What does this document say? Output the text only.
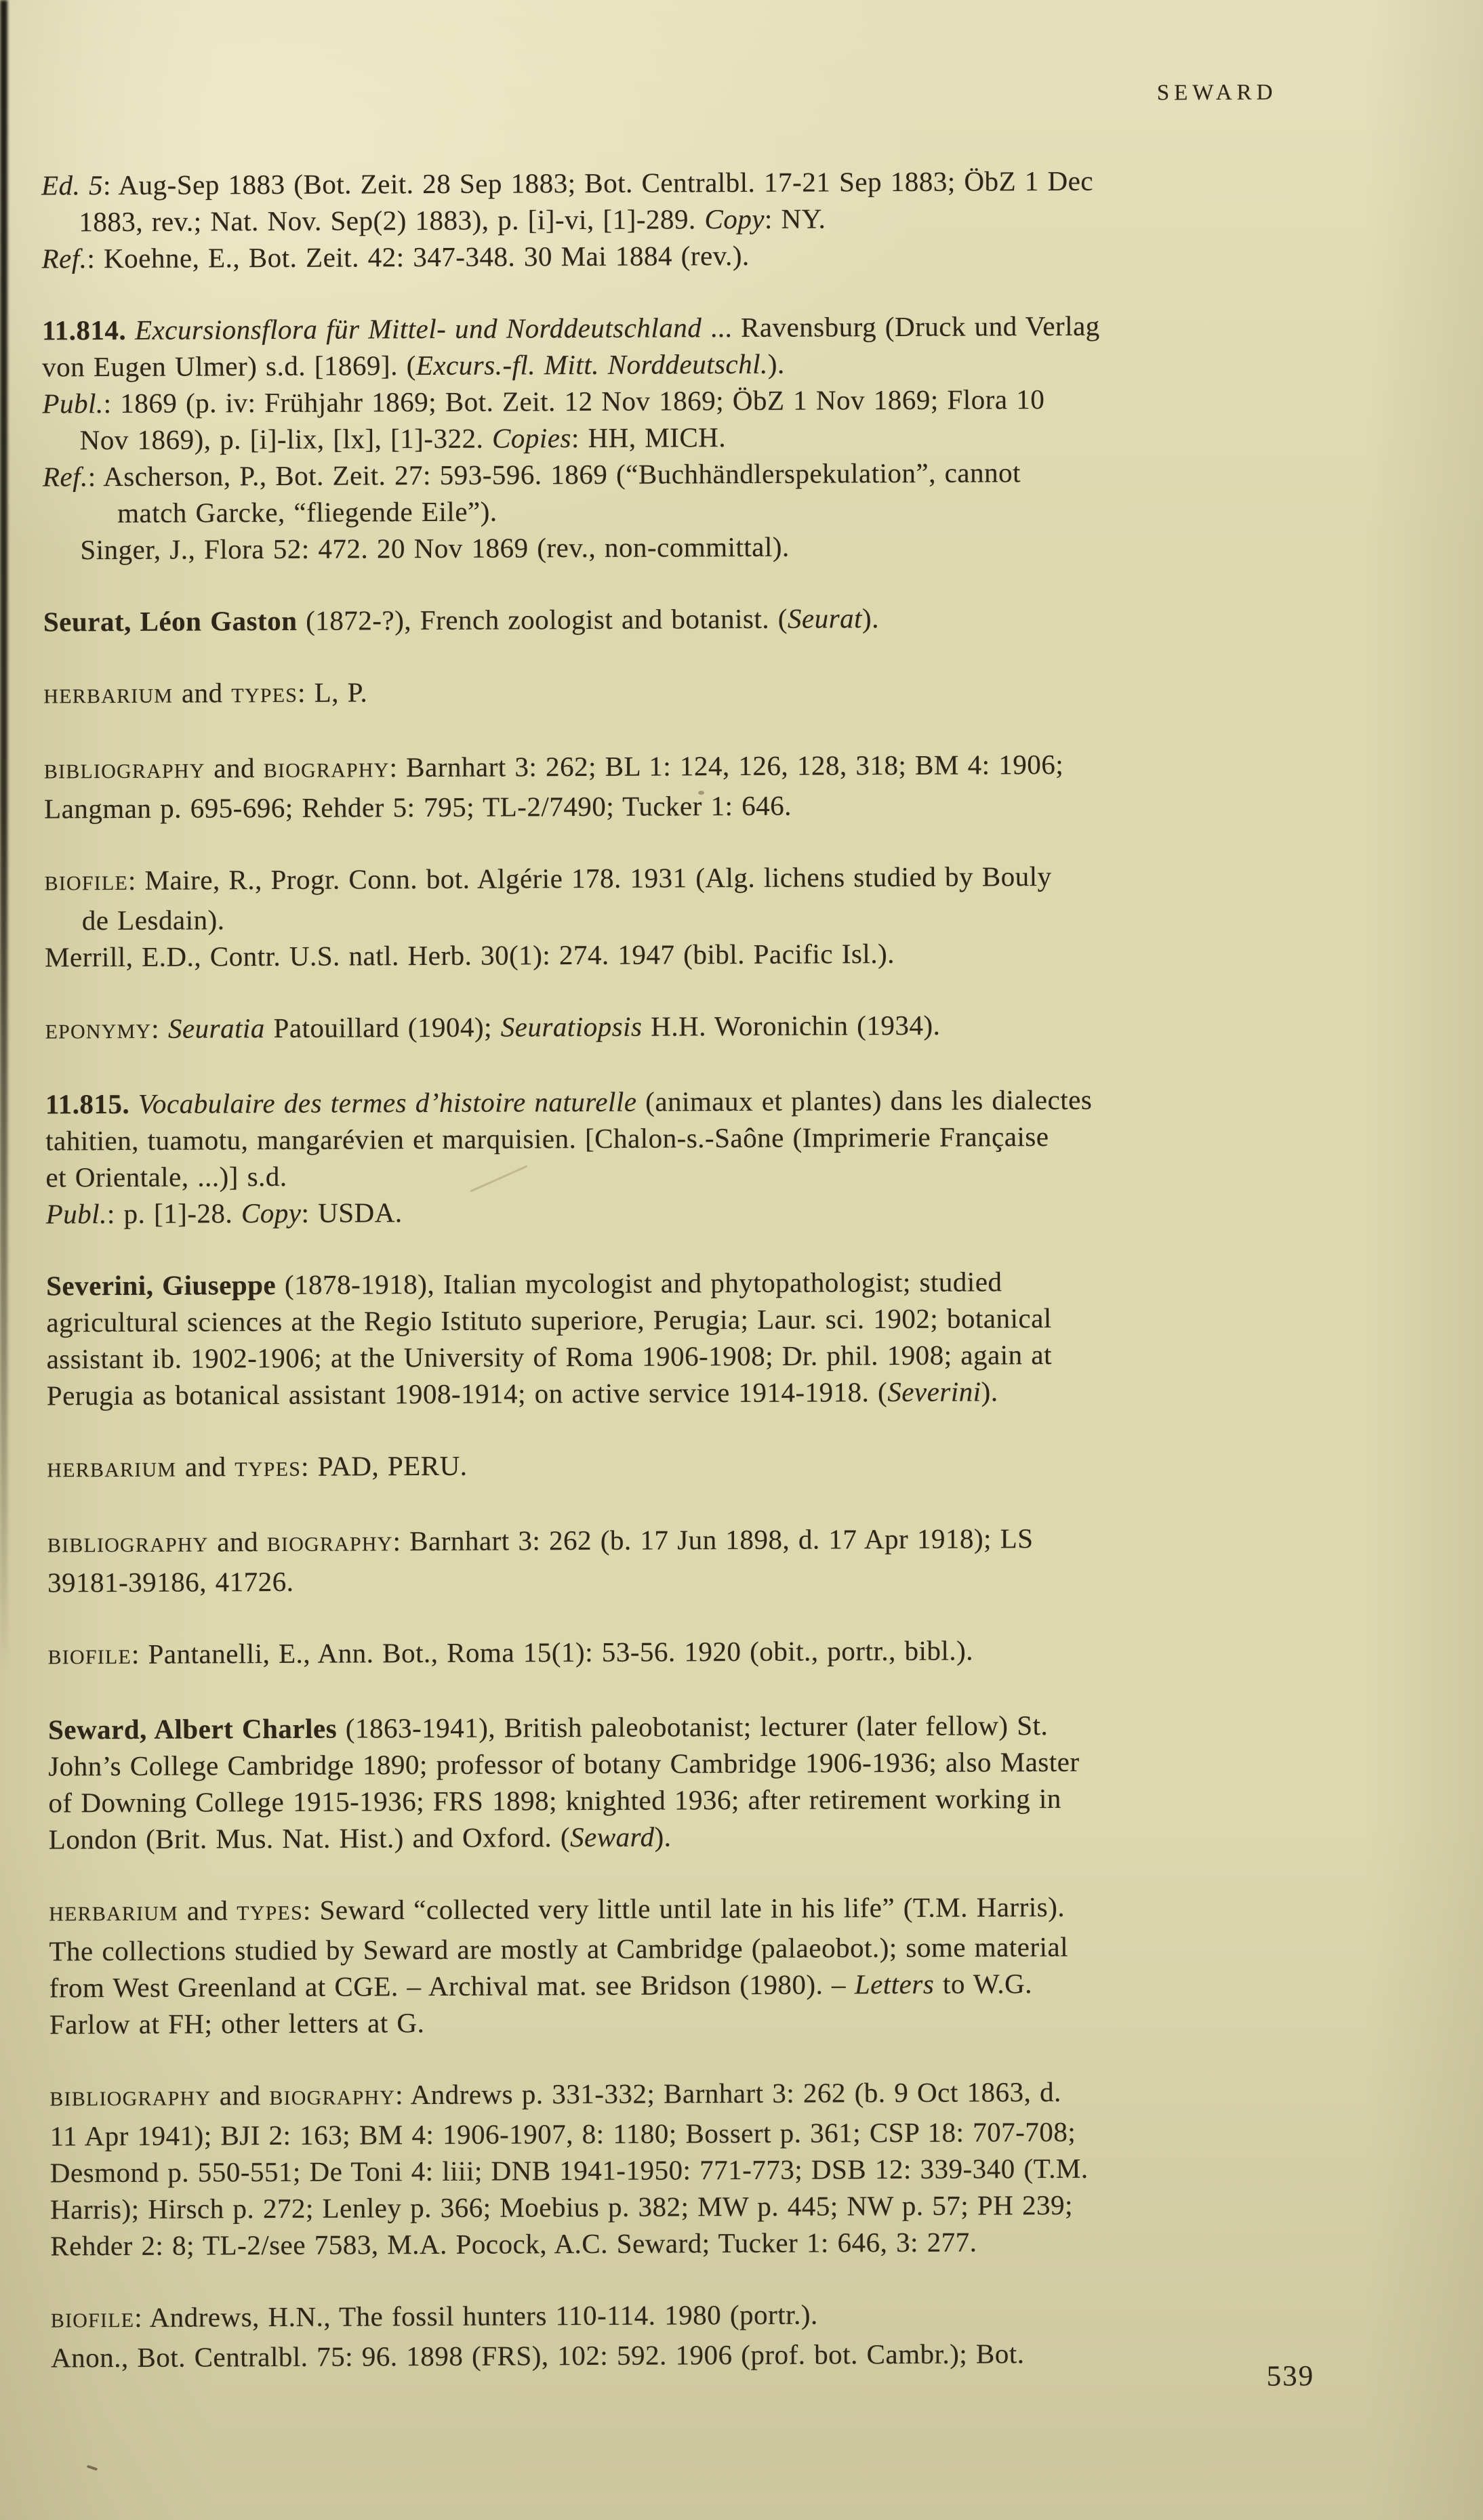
SEWARD
Ed. 5: Aug-Sep 1883 (Bot. Zeit. 28 Sep 1883; Bot. Centralbl. 17-21 Sep 1883; ÖbZ 1 Dec
1883, rev.; Nat. Nov. Sep(2) 1883), p. [i]-vi, [1]-289. Copy: NY.
Ref.: Koehne, E., Bot. Zeit. 42: 347-348. 30 Mai 1884 (rev.).
11.814. Excursionsflora für Mittel- und Norddeutschland ... Ravensburg (Druck und Verlag
von Eugen Ulmer) s.d. [1869]. (Excurs.-fl. Mitt. Norddeutschl.).
Publ.: 1869 (p. iv: Frühjahr 1869; Bot. Zeit. 12 Nov 1869; ÖbZ 1 Nov 1869; Flora 10
Nov 1869), p. [i]-lix, [lx], [1]-322. Copies: HH, MICH.
Ref.: Ascherson, P., Bot. Zeit. 27: 593-596. 1869 (“Buchhändlerspekulation”, cannot
match Garcke, “fliegende Eile”).
Singer, J., Flora 52: 472. 20 Nov 1869 (rev., non-committal).
Seurat, Léon Gaston (1872-?), French zoologist and botanist. (Seurat).
HERBARIUM and TYPES: L, P.
BIBLIOGRAPHY and BIOGRAPHY: Barnhart 3: 262; BL 1: 124, 126, 128, 318; BM 4: 1906;
Langman p. 695-696; Rehder 5: 795; TL-2/7490; Tucker 1: 646.
BIOFILE: Maire, R., Progr. Conn. bot. Algérie 178. 1931 (Alg. lichens studied by Bouly
de Lesdain).
Merrill, E.D., Contr. U.S. natl. Herb. 30(1): 274. 1947 (bibl. Pacific Isl.).
EPONYMY: Seuratia Patouillard (1904); Seuratiopsis H.H. Woronichin (1934).
11.815. Vocabulaire des termes d’histoire naturelle (animaux et plantes) dans les dialectes
tahitien, tuamotu, mangarévien et marquisien. [Chalon-s.-Saône (Imprimerie Française
et Orientale, ...)] s.d.
Publ.: p. [1]-28. Copy: USDA.
Severini, Giuseppe (1878-1918), Italian mycologist and phytopathologist; studied
agricultural sciences at the Regio Istituto superiore, Perugia; Laur. sci. 1902; botanical
assistant ib. 1902-1906; at the University of Roma 1906-1908; Dr. phil. 1908; again at
Perugia as botanical assistant 1908-1914; on active service 1914-1918. (Severini).
HERBARIUM and TYPES: PAD, PERU.
BIBLIOGRAPHY and BIOGRAPHY: Barnhart 3: 262 (b. 17 Jun 1898, d. 17 Apr 1918); LS
39181-39186, 41726.
BIOFILE: Pantanelli, E., Ann. Bot., Roma 15(1): 53-56. 1920 (obit., portr., bibl.).
Seward, Albert Charles (1863-1941), British paleobotanist; lecturer (later fellow) St.
John’s College Cambridge 1890; professor of botany Cambridge 1906-1936; also Master
of Downing College 1915-1936; FRS 1898; knighted 1936; after retirement working in
London (Brit. Mus. Nat. Hist.) and Oxford. (Seward).
HERBARIUM and TYPES: Seward “collected very little until late in his life” (T.M. Harris).
The collections studied by Seward are mostly at Cambridge (palaeobot.); some material
from West Greenland at CGE. – Archival mat. see Bridson (1980). – Letters to W.G.
Farlow at FH; other letters at G.
BIBLIOGRAPHY and BIOGRAPHY: Andrews p. 331-332; Barnhart 3: 262 (b. 9 Oct 1863, d.
11 Apr 1941); BJI 2: 163; BM 4: 1906-1907, 8: 1180; Bossert p. 361; CSP 18: 707-708;
Desmond p. 550-551; De Toni 4: liii; DNB 1941-1950: 771-773; DSB 12: 339-340 (T.M.
Harris); Hirsch p. 272; Lenley p. 366; Moebius p. 382; MW p. 445; NW p. 57; PH 239;
Rehder 2: 8; TL-2/see 7583, M.A. Pocock, A.C. Seward; Tucker 1: 646, 3: 277.
BIOFILE: Andrews, H.N., The fossil hunters 110-114. 1980 (portr.).
Anon., Bot. Centralbl. 75: 96. 1898 (FRS), 102: 592. 1906 (prof. bot. Cambr.); Bot.
539
